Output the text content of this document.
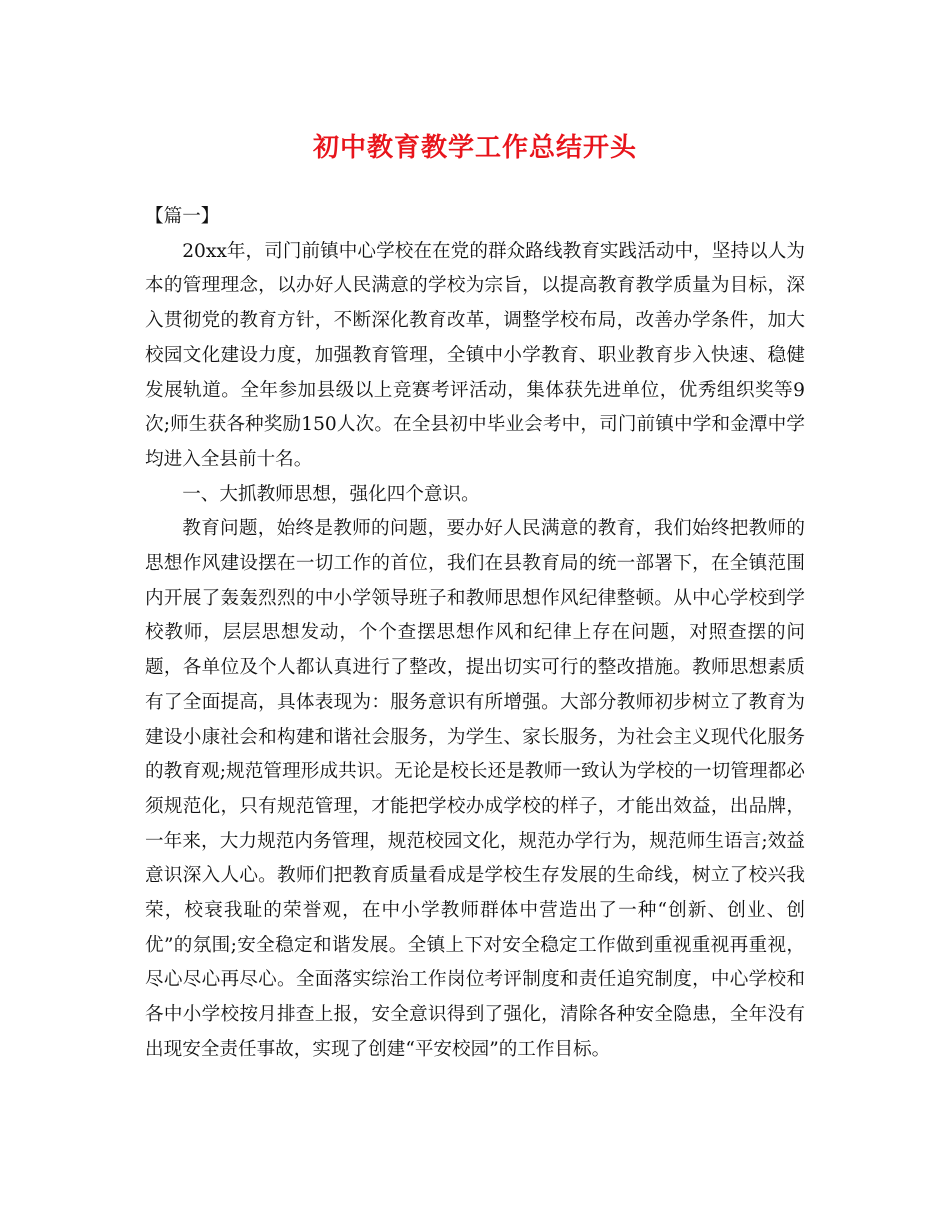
初中教育教学工作总结开头

【篇一】

20xx年，司门前镇中心学校在在党的群众路线教育实践活动中，坚持以人为本的管理理念，以办好人民满意的学校为宗旨，以提高教育教学质量为目标，深入贯彻党的教育方针，不断深化教育改革，调整学校布局，改善办学条件，加大校园文化建设力度，加强教育管理，全镇中小学教育、职业教育步入快速、稳健发展轨道。全年参加县级以上竞赛考评活动，集体获先进单位，优秀组织奖等9次;师生获各种奖励150人次。在全县初中毕业会考中，司门前镇中学和金潭中学均进入全县前十名。

一、大抓教师思想，强化四个意识。

教育问题，始终是教师的问题，要办好人民满意的教育，我们始终把教师的思想作风建设摆在一切工作的首位，我们在县教育局的统一部署下，在全镇范围内开展了轰轰烈烈的中小学领导班子和教师思想作风纪律整顿。从中心学校到学校教师，层层思想发动，个个查摆思想作风和纪律上存在问题，对照查摆的问题，各单位及个人都认真进行了整改，提出切实可行的整改措施。教师思想素质有了全面提高，具体表现为：服务意识有所增强。大部分教师初步树立了教育为建设小康社会和构建和谐社会服务，为学生、家长服务，为社会主义现代化服务的教育观;规范管理形成共识。无论是校长还是教师一致认为学校的一切管理都必须规范化，只有规范管理，才能把学校办成学校的样子，才能出效益，出品牌，一年来，大力规范内务管理，规范校园文化，规范办学行为，规范师生语言;效益意识深入人心。教师们把教育质量看成是学校生存发展的生命线，树立了校兴我荣，校衰我耻的荣誉观，在中小学教师群体中营造出了一种“创新、创业、创优”的氛围;安全稳定和谐发展。全镇上下对安全稳定工作做到重视重视再重视，尽心尽心再尽心。全面落实综治工作岗位考评制度和责任追究制度，中心学校和各中小学校按月排查上报，安全意识得到了强化，清除各种安全隐患，全年没有出现安全责任事故，实现了创建“平安校园”的工作目标。
